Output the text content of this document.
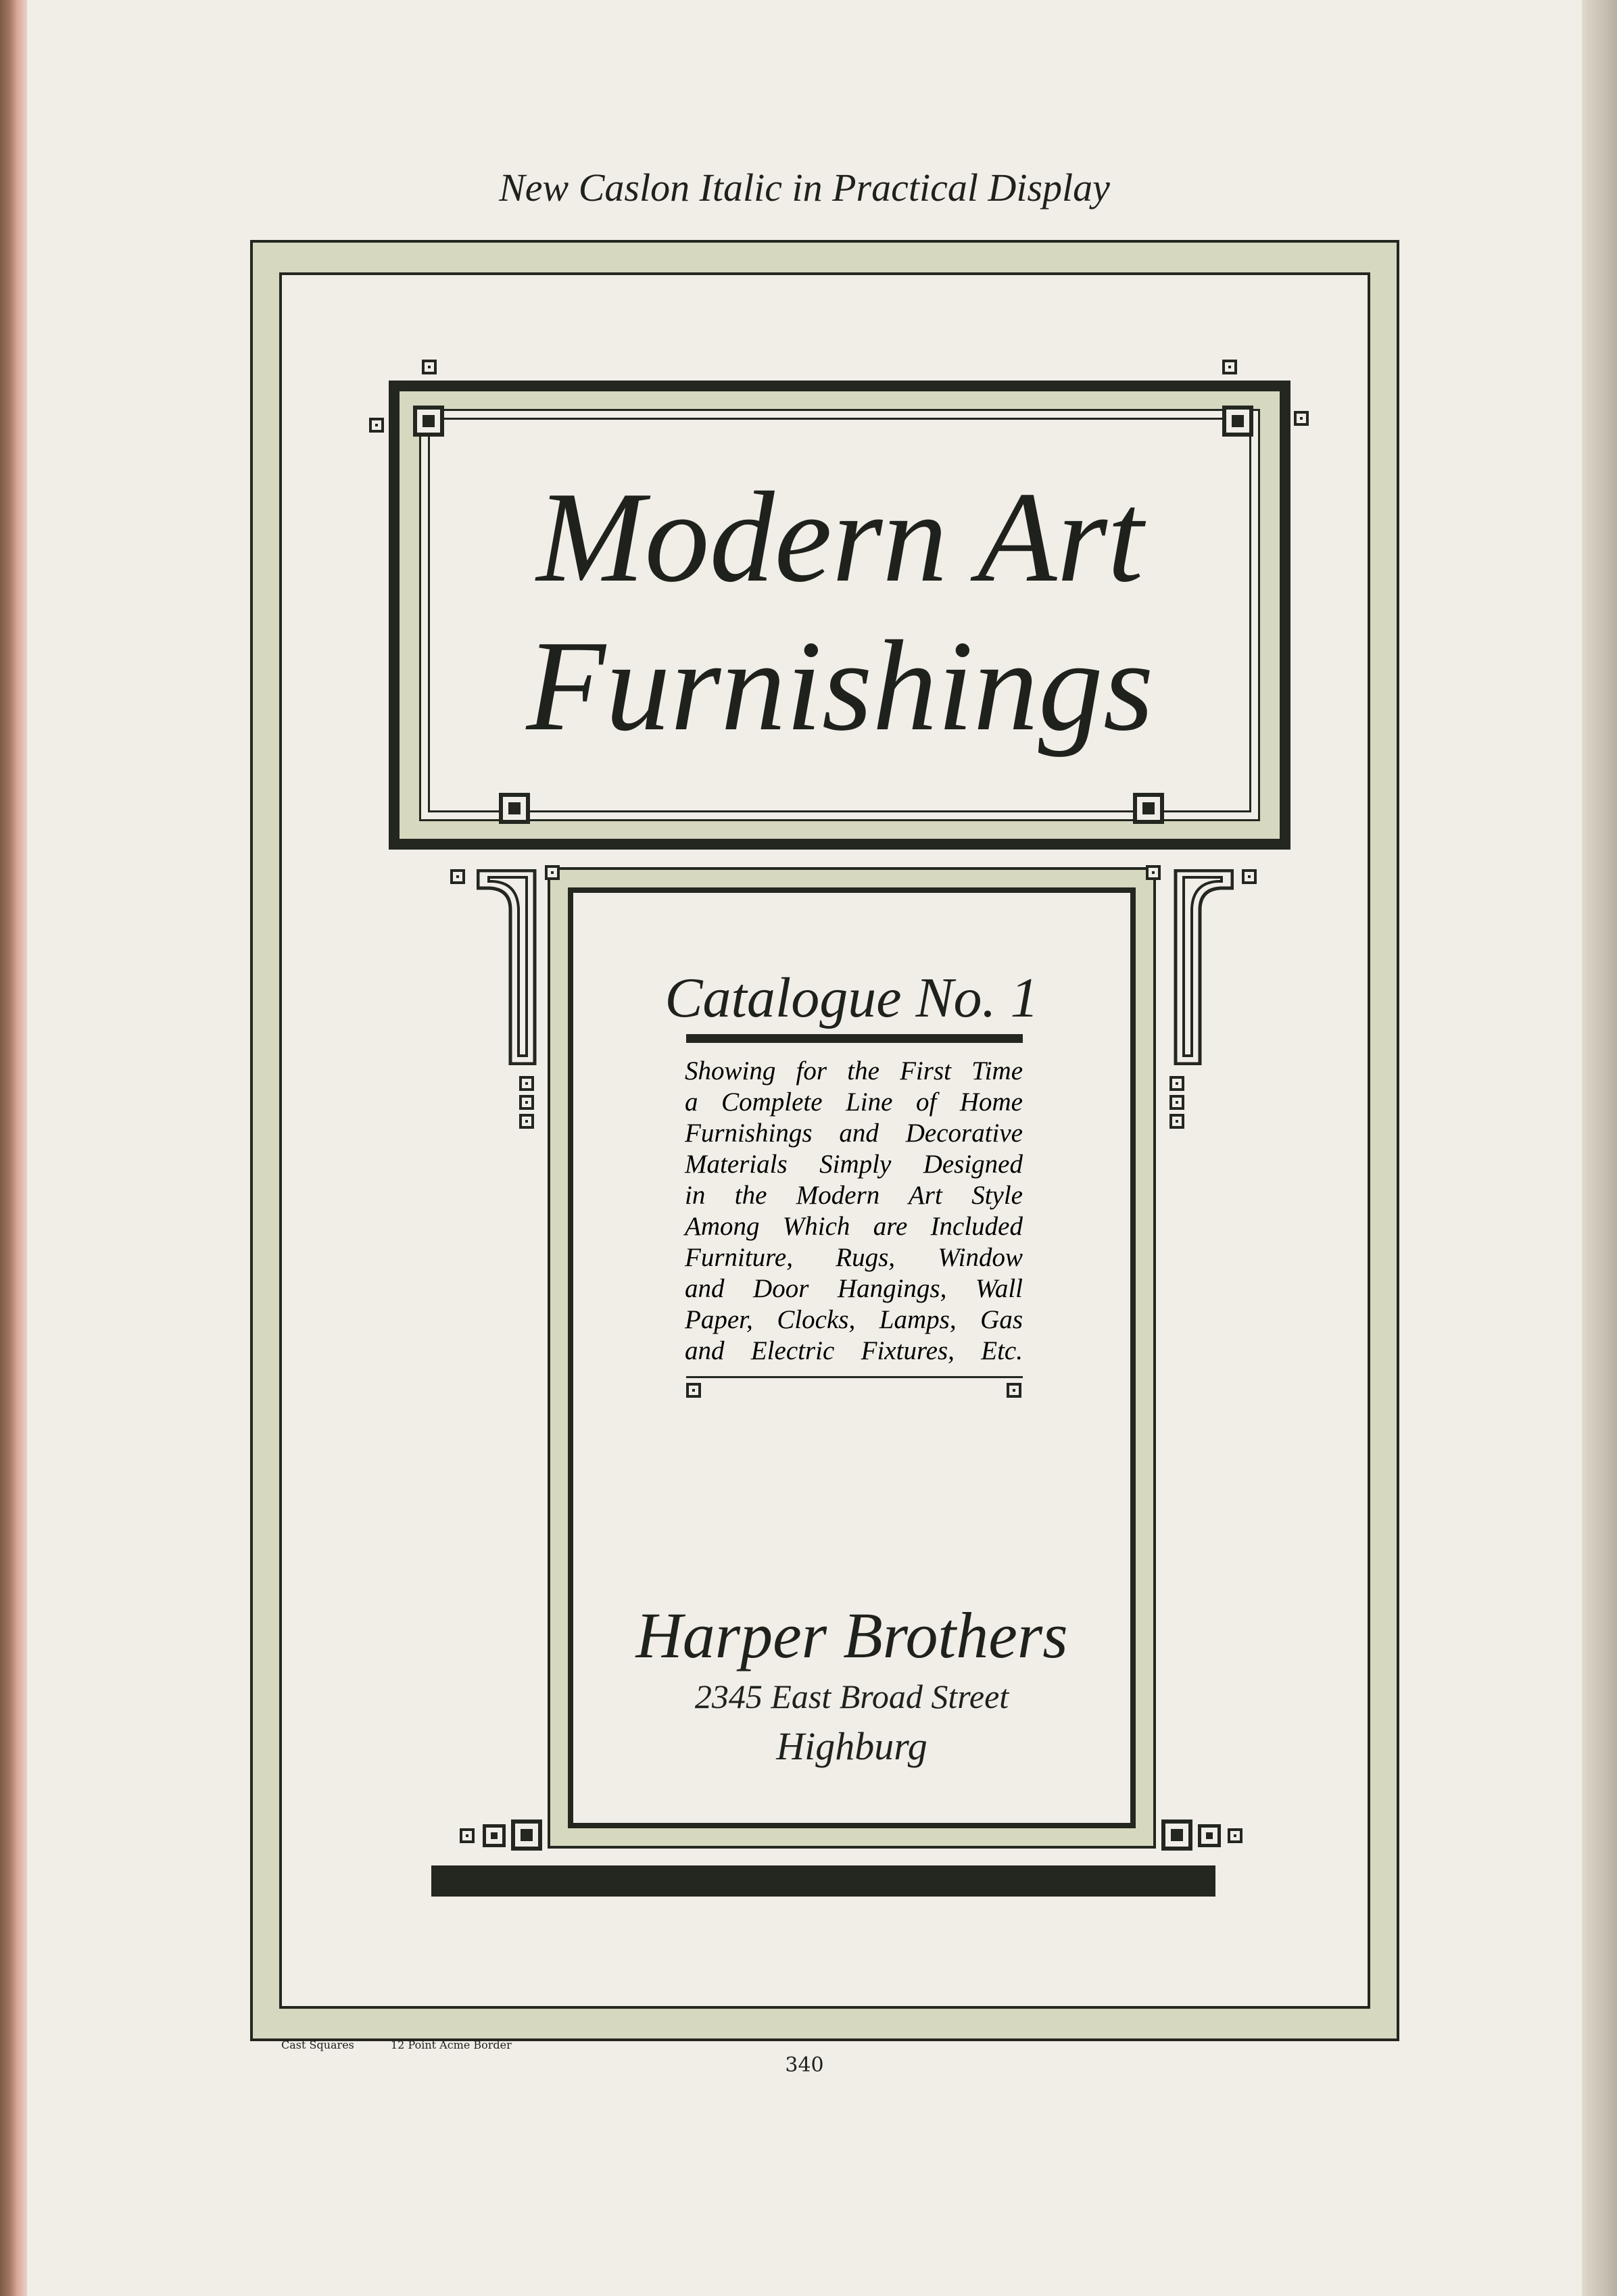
New Caslon Italic in Practical Display
Modern Art
Furnishings
Catalogue No. 1
Showing for the First Time
a Complete Line of Home
Furnishings and Decorative
Materials Simply Designed
in the Modern Art Style
Among Which are Included
Furniture, Rugs, Window
and Door Hangings, Wall
Paper, Clocks, Lamps, Gas
and Electric Fixtures, Etc.
Harper Brothers
2345 East Broad Street
Highburg
Cast Squares	12 Point Acme Border
340
